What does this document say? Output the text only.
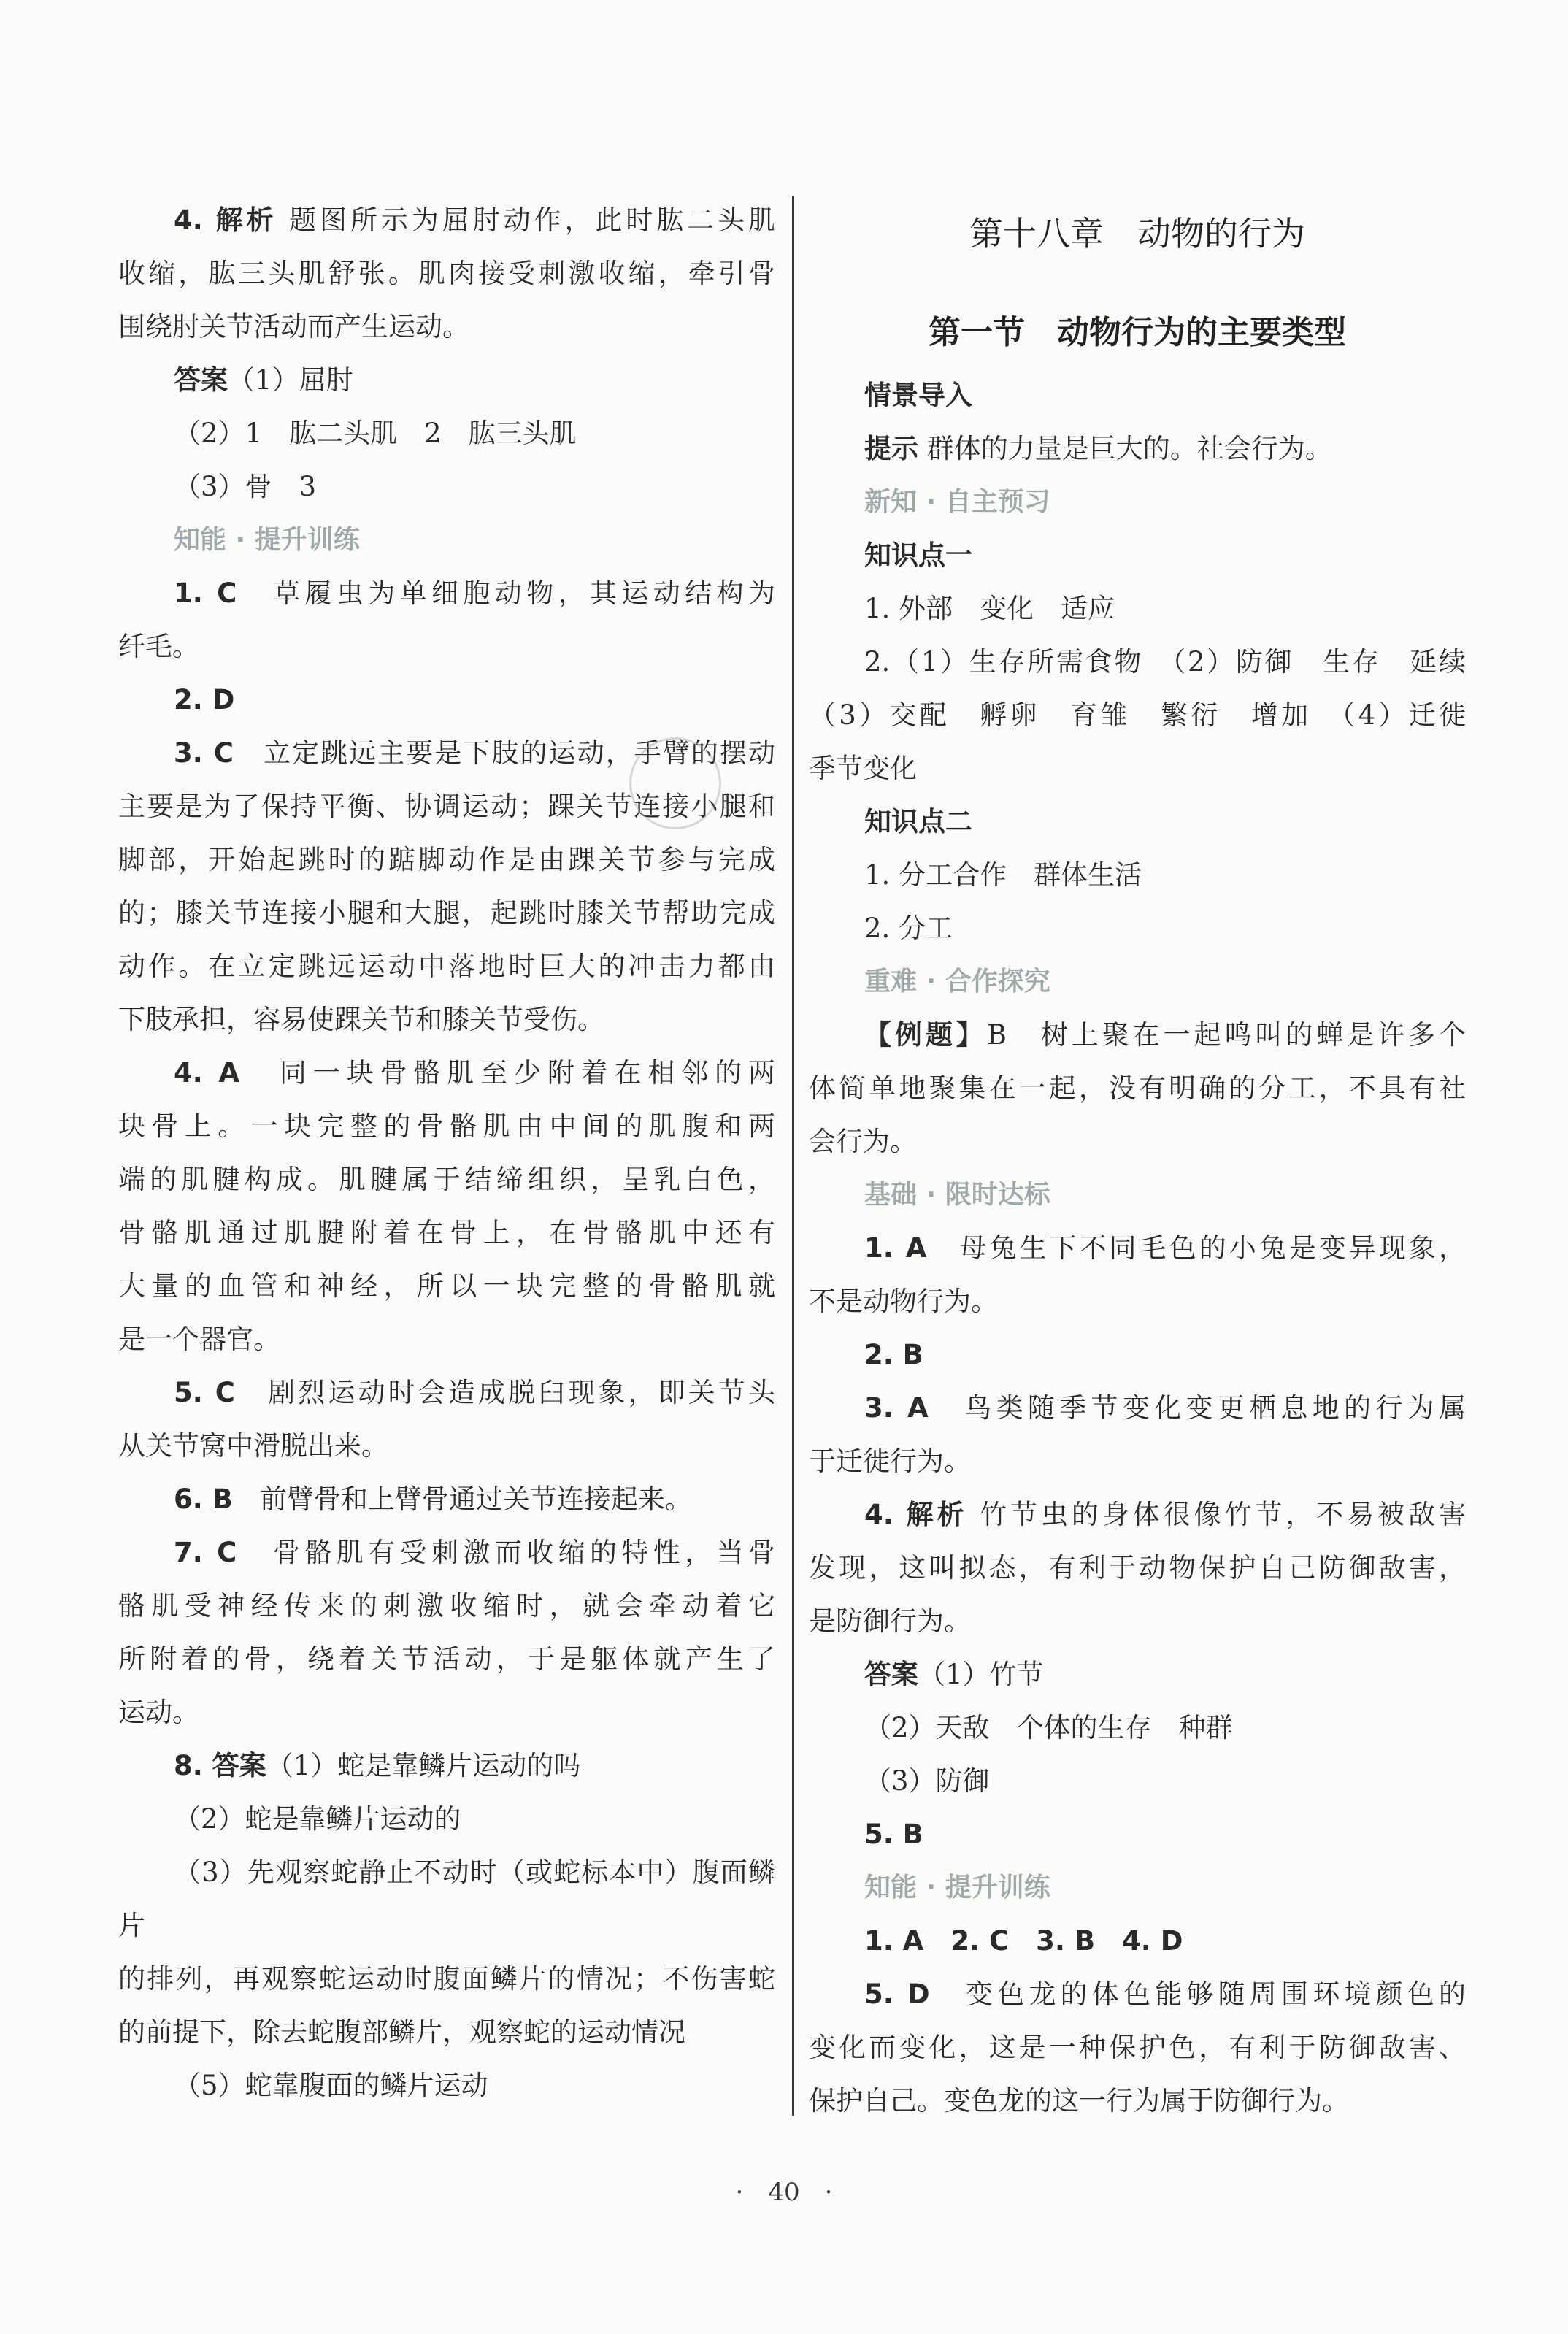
4. 解析 题图所示为屈肘动作，此时肱二头肌

收缩，肱三头肌舒张。肌肉接受刺激收缩，牵引骨

围绕肘关节活动而产生运动。

答案（1）屈肘

（2）1　肱二头肌　2　肱三头肌

（3）骨　3

知能 · 提升训练

1. C　草履虫为单细胞动物，其运动结构为

纤毛。

2. D

3. C　立定跳远主要是下肢的运动，手臂的摆动

主要是为了保持平衡、协调运动；踝关节连接小腿和

脚部，开始起跳时的踮脚动作是由踝关节参与完成

的；膝关节连接小腿和大腿，起跳时膝关节帮助完成

动作。在立定跳远运动中落地时巨大的冲击力都由

下肢承担，容易使踝关节和膝关节受伤。

4. A　同一块骨骼肌至少附着在相邻的两

块骨上。一块完整的骨骼肌由中间的肌腹和两

端的肌腱构成。肌腱属于结缔组织，呈乳白色，

骨骼肌通过肌腱附着在骨上，在骨骼肌中还有

大量的血管和神经，所以一块完整的骨骼肌就

是一个器官。

5. C　剧烈运动时会造成脱臼现象，即关节头

从关节窝中滑脱出来。

6. B　前臂骨和上臂骨通过关节连接起来。

7. C　骨骼肌有受刺激而收缩的特性，当骨

骼肌受神经传来的刺激收缩时，就会牵动着它

所附着的骨，绕着关节活动，于是躯体就产生了

运动。

8. 答案（1）蛇是靠鳞片运动的吗

（2）蛇是靠鳞片运动的

（3）先观察蛇静止不动时（或蛇标本中）腹面鳞片

的排列，再观察蛇运动时腹面鳞片的情况；不伤害蛇

的前提下，除去蛇腹部鳞片，观察蛇的运动情况

（5）蛇靠腹面的鳞片运动

第十八章　动物的行为
第一节　动物行为的主要类型

情景导入

提示 群体的力量是巨大的。社会行为。

新知 · 自主预习

知识点一

1. 外部　变化　适应

2.（1）生存所需食物　（2）防御　生存　延续

（3）交配　孵卵　育雏　繁衍　增加　（4）迁徙

季节变化

知识点二

1. 分工合作　群体生活

2. 分工

重难 · 合作探究

【例题】B　树上聚在一起鸣叫的蝉是许多个

体简单地聚集在一起，没有明确的分工，不具有社

会行为。

基础 · 限时达标

1. A　母兔生下不同毛色的小兔是变异现象，

不是动物行为。

2. B

3. A　鸟类随季节变化变更栖息地的行为属

于迁徙行为。

4. 解析 竹节虫的身体很像竹节，不易被敌害

发现，这叫拟态，有利于动物保护自己防御敌害，

是防御行为。

答案（1）竹节

（2）天敌　个体的生存　种群

（3）防御

5. B

知能 · 提升训练

1. A　2. C　3. B　4. D

5. D　变色龙的体色能够随周围环境颜色的

变化而变化，这是一种保护色，有利于防御敌害、

保护自己。变色龙的这一行为属于防御行为。

·　40　·
